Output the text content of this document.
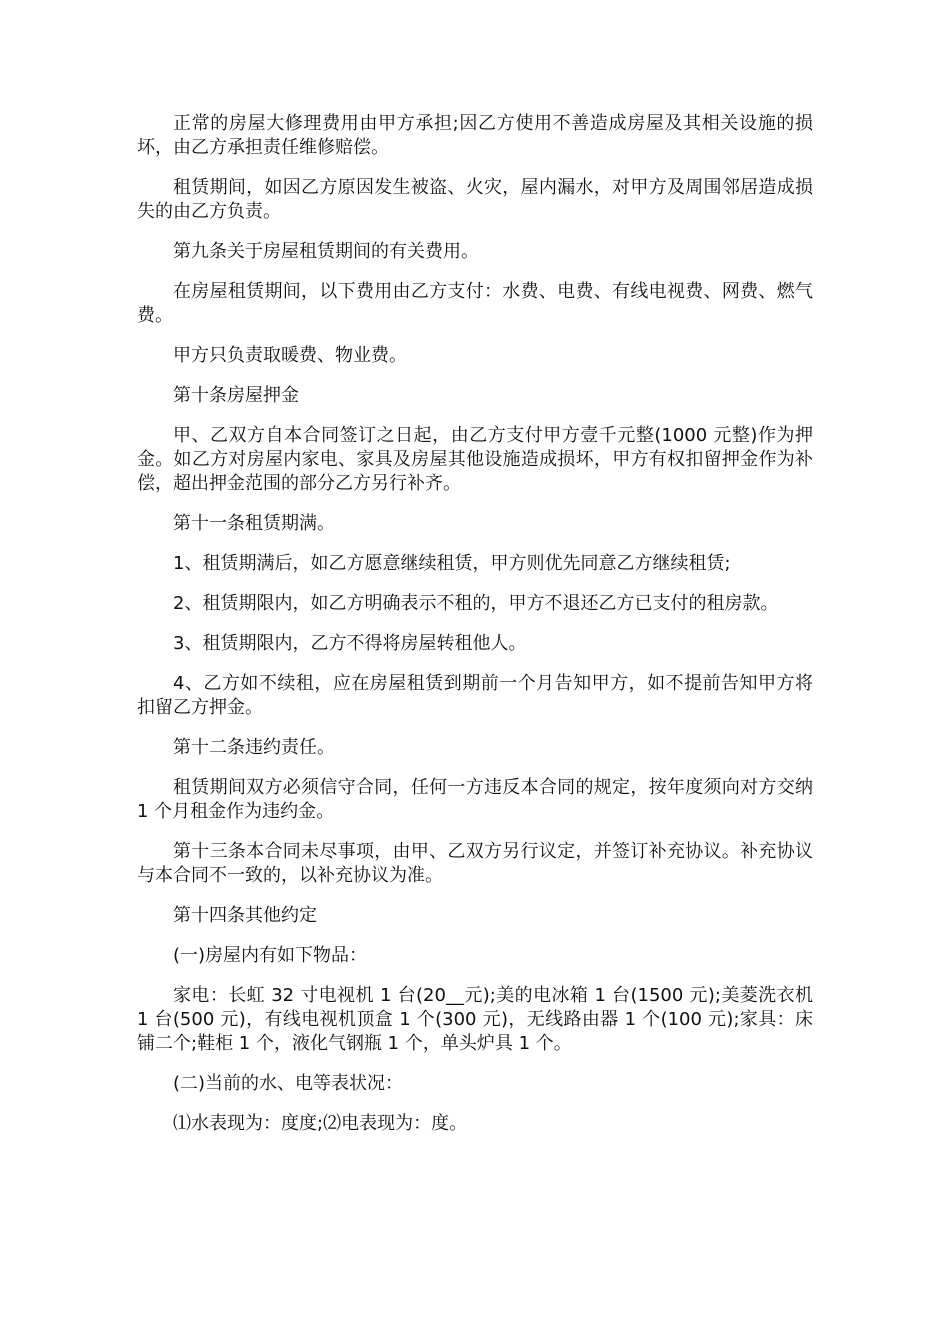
正常的房屋大修理费用由甲方承担;因乙方使用不善造成房屋及其相关设施的损坏，由乙方承担责任维修赔偿。

租赁期间，如因乙方原因发生被盗、火灾，屋内漏水，对甲方及周围邻居造成损失的由乙方负责。

第九条关于房屋租赁期间的有关费用。

在房屋租赁期间，以下费用由乙方支付：水费、电费、有线电视费、网费、燃气费。

甲方只负责取暖费、物业费。

第十条房屋押金

甲、乙双方自本合同签订之日起，由乙方支付甲方壹千元整(1000 元整)作为押金。如乙方对房屋内家电、家具及房屋其他设施造成损坏，甲方有权扣留押金作为补偿，超出押金范围的部分乙方另行补齐。

第十一条租赁期满。

1、租赁期满后，如乙方愿意继续租赁，甲方则优先同意乙方继续租赁;

2、租赁期限内，如乙方明确表示不租的，甲方不退还乙方已支付的租房款。

3、租赁期限内，乙方不得将房屋转租他人。

4、乙方如不续租，应在房屋租赁到期前一个月告知甲方，如不提前告知甲方将扣留乙方押金。

第十二条违约责任。

租赁期间双方必须信守合同，任何一方违反本合同的规定，按年度须向对方交纳 1 个月租金作为违约金。

第十三条本合同未尽事项，由甲、乙双方另行议定，并签订补充协议。补充协议与本合同不一致的，以补充协议为准。

第十四条其他约定

(一)房屋内有如下物品：

家电：长虹 32 寸电视机 1 台(20__元);美的电冰箱 1 台(1500 元);美菱洗衣机 1 台(500 元)，有线电视机顶盒 1 个(300 元)，无线路由器 1 个(100 元);家具：床铺二个;鞋柜 1 个，液化气钢瓶 1 个，单头炉具 1 个。

(二)当前的水、电等表状况：

⑴水表现为：度度;⑵电表现为：度。
